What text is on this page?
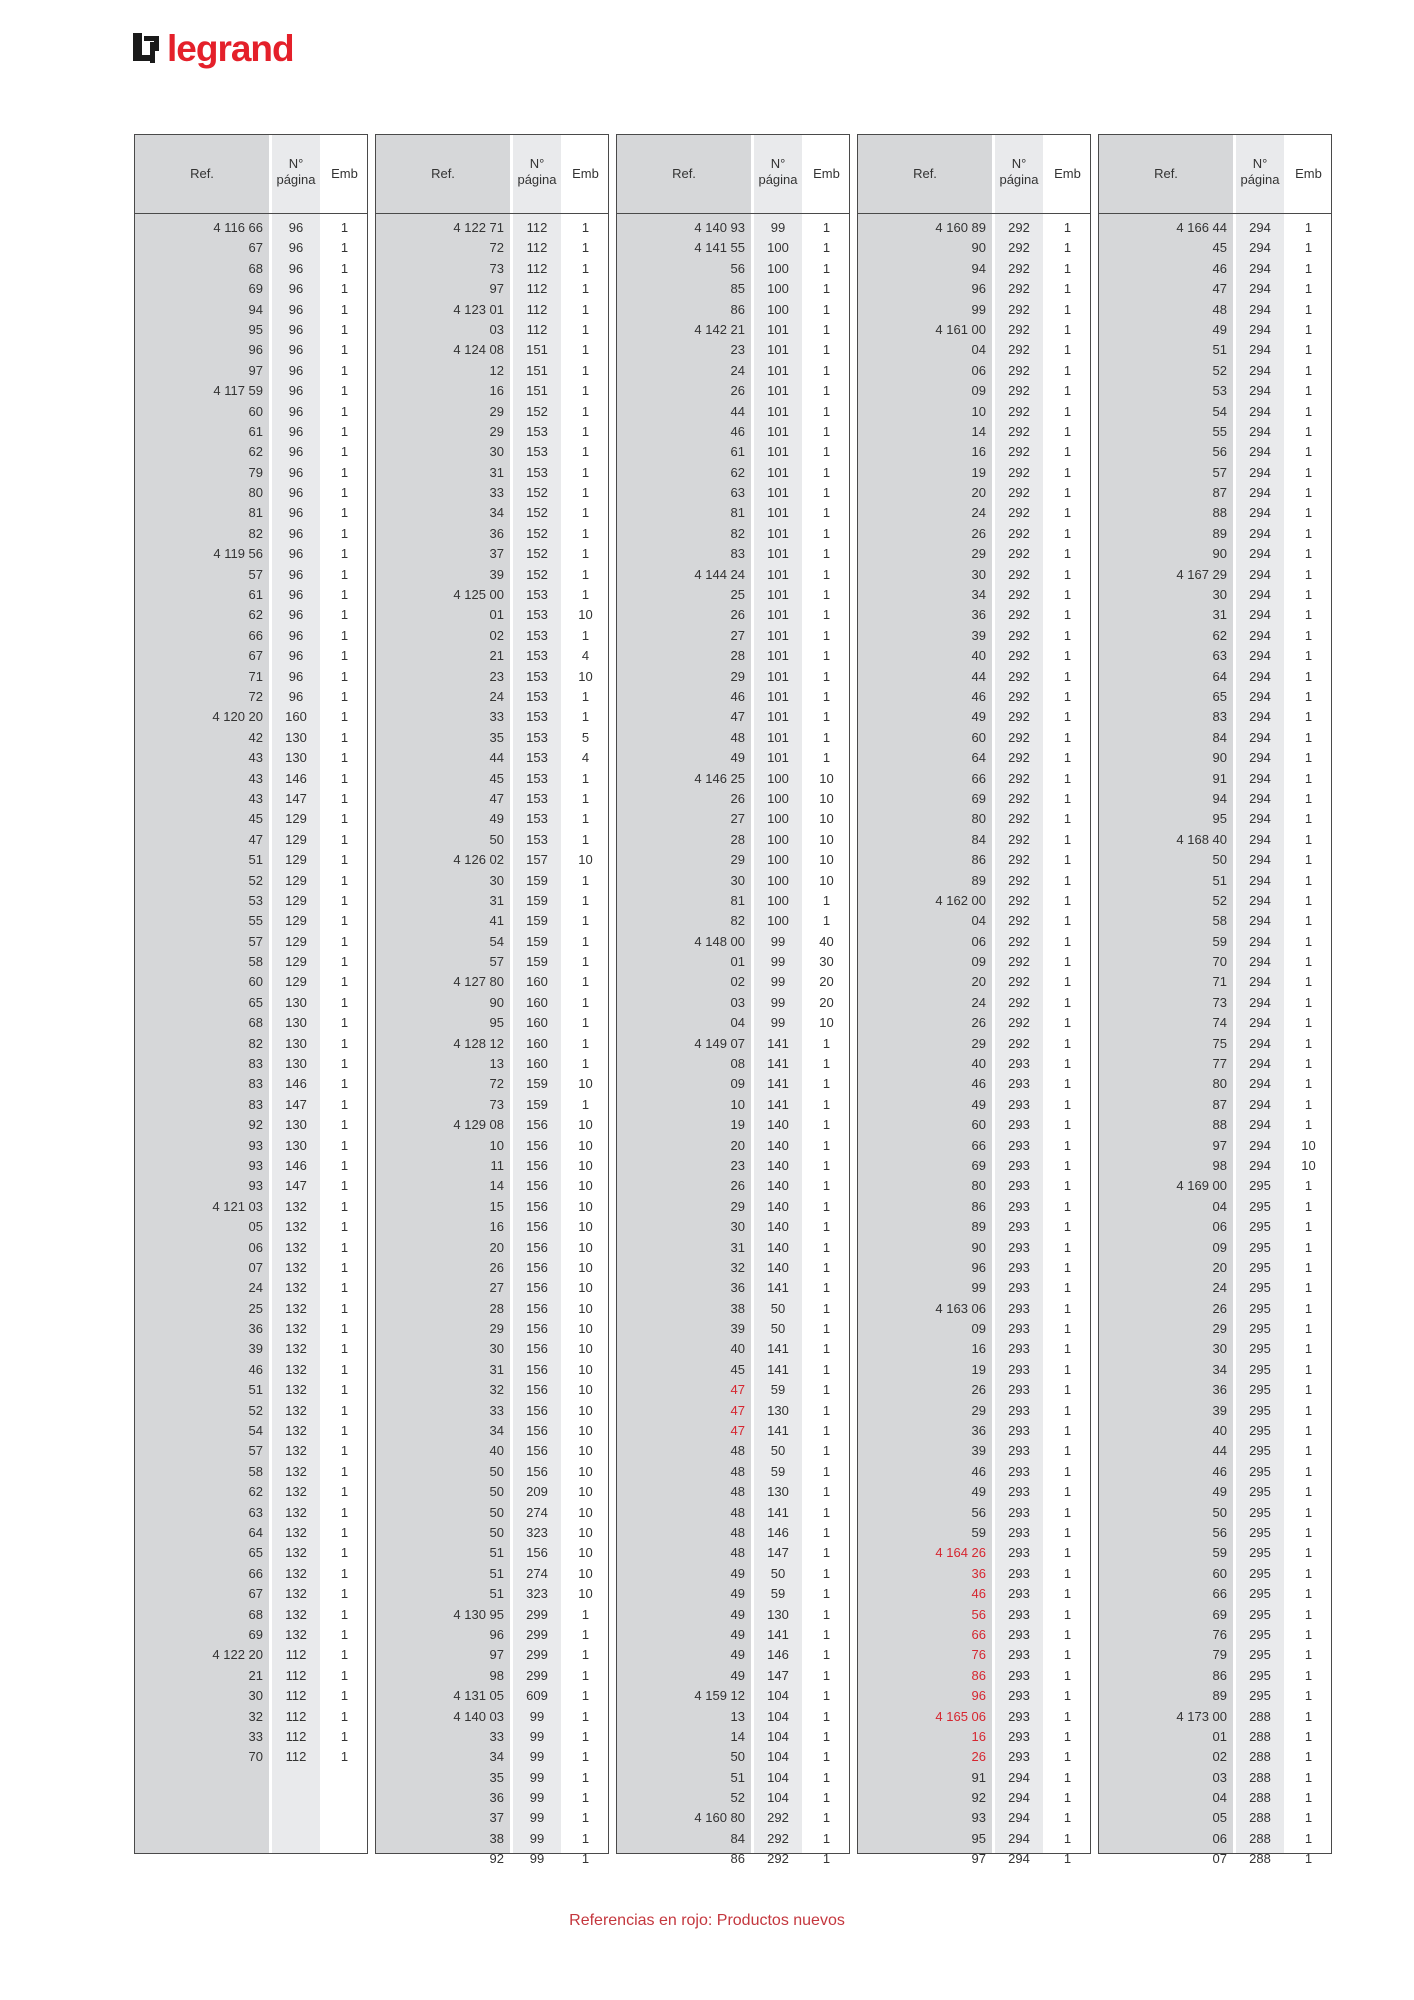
legrand
Ref.
N°
página	Emb
4 116 66	96	1
67	96	1
68	96	1
69	96	1
94	96	1
95	96	1
96	96	1
97	96	1
4 117 59	96	1
60	96	1
61	96	1
62	96	1
79	96	1
80	96	1
81	96	1
82	96	1
4 119 56	96	1
57	96	1
61	96	1
62	96	1
66	96	1
67	96	1
71	96	1
72	96	1
4 120 20	160	1
42	130	1
43	130	1
43	146	1
43	147	1
45	129	1
47	129	1
51	129	1
52	129	1
53	129	1
55	129	1
57	129	1
58	129	1
60	129	1
65	130	1
68	130	1
82	130	1
83	130	1
83	146	1
83	147	1
92	130	1
93	130	1
93	146	1
93	147	1
4 121 03	132	1
05	132	1
06	132	1
07	132	1
24	132	1
25	132	1
36	132	1
39	132	1
46	132	1
51	132	1
52	132	1
54	132	1
57	132	1
58	132	1
62	132	1
63	132	1
64	132	1
65	132	1
66	132	1
67	132	1
68	132	1
69	132	1
4 122 20	112	1
21	112	1
30	112	1
32	112	1
33	112	1
70	112	1
Ref.
N°
página	Emb
4 122 71	112	1
72	112	1
73	112	1
97	112	1
4 123 01	112	1
03	112	1
4 124 08	151	1
12	151	1
16	151	1
29	152	1
29	153	1
30	153	1
31	153	1
33	152	1
34	152	1
36	152	1
37	152	1
39	152	1
4 125 00	153	1
01	153	10
02	153	1
21	153	4
23	153	10
24	153	1
33	153	1
35	153	5
44	153	4
45	153	1
47	153	1
49	153	1
50	153	1
4 126 02	157	10
30	159	1
31	159	1
41	159	1
54	159	1
57	159	1
4 127 80	160	1
90	160	1
95	160	1
4 128 12	160	1
13	160	1
72	159	10
73	159	1
4 129 08	156	10
10	156	10
11	156	10
14	156	10
15	156	10
16	156	10
20	156	10
26	156	10
27	156	10
28	156	10
29	156	10
30	156	10
31	156	10
32	156	10
33	156	10
34	156	10
40	156	10
50	156	10
50	209	10
50	274	10
50	323	10
51	156	10
51	274	10
51	323	10
4 130 95	299	1
96	299	1
97	299	1
98	299	1
4 131 05	609	1
4 140 03	99	1
33	99	1
34	99	1
35	99	1
36	99	1
37	99	1
38	99	1
92	99	1
Ref.
N°
página	Emb
4 140 93	99	1
4 141 55	100	1
56	100	1
85	100	1
86	100	1
4 142 21	101	1
23	101	1
24	101	1
26	101	1
44	101	1
46	101	1
61	101	1
62	101	1
63	101	1
81	101	1
82	101	1
83	101	1
4 144 24	101	1
25	101	1
26	101	1
27	101	1
28	101	1
29	101	1
46	101	1
47	101	1
48	101	1
49	101	1
4 146 25	100	10
26	100	10
27	100	10
28	100	10
29	100	10
30	100	10
81	100	1
82	100	1
4 148 00	99	40
01	99	30
02	99	20
03	99	20
04	99	10
4 149 07	141	1
08	141	1
09	141	1
10	141	1
19	140	1
20	140	1
23	140	1
26	140	1
29	140	1
30	140	1
31	140	1
32	140	1
36	141	1
38	50	1
39	50	1
40	141	1
45	141	1
47	59	1
47	130	1
47	141	1
48	50	1
48	59	1
48	130	1
48	141	1
48	146	1
48	147	1
49	50	1
49	59	1
49	130	1
49	141	1
49	146	1
49	147	1
4 159 12	104	1
13	104	1
14	104	1
50	104	1
51	104	1
52	104	1
4 160 80	292	1
84	292	1
86	292	1
Ref.
N°
página	Emb
4 160 89	292	1
90	292	1
94	292	1
96	292	1
99	292	1
4 161 00	292	1
04	292	1
06	292	1
09	292	1
10	292	1
14	292	1
16	292	1
19	292	1
20	292	1
24	292	1
26	292	1
29	292	1
30	292	1
34	292	1
36	292	1
39	292	1
40	292	1
44	292	1
46	292	1
49	292	1
60	292	1
64	292	1
66	292	1
69	292	1
80	292	1
84	292	1
86	292	1
89	292	1
4 162 00	292	1
04	292	1
06	292	1
09	292	1
20	292	1
24	292	1
26	292	1
29	292	1
40	293	1
46	293	1
49	293	1
60	293	1
66	293	1
69	293	1
80	293	1
86	293	1
89	293	1
90	293	1
96	293	1
99	293	1
4 163 06	293	1
09	293	1
16	293	1
19	293	1
26	293	1
29	293	1
36	293	1
39	293	1
46	293	1
49	293	1
56	293	1
59	293	1
4 164 26	293	1
36	293	1
46	293	1
56	293	1
66	293	1
76	293	1
86	293	1
96	293	1
4 165 06	293	1
16	293	1
26	293	1
91	294	1
92	294	1
93	294	1
95	294	1
97	294	1
Ref.
N°
página	Emb
4 166 44	294	1
45	294	1
46	294	1
47	294	1
48	294	1
49	294	1
51	294	1
52	294	1
53	294	1
54	294	1
55	294	1
56	294	1
57	294	1
87	294	1
88	294	1
89	294	1
90	294	1
4 167 29	294	1
30	294	1
31	294	1
62	294	1
63	294	1
64	294	1
65	294	1
83	294	1
84	294	1
90	294	1
91	294	1
94	294	1
95	294	1
4 168 40	294	1
50	294	1
51	294	1
52	294	1
58	294	1
59	294	1
70	294	1
71	294	1
73	294	1
74	294	1
75	294	1
77	294	1
80	294	1
87	294	1
88	294	1
97	294	10
98	294	10
4 169 00	295	1
04	295	1
06	295	1
09	295	1
20	295	1
24	295	1
26	295	1
29	295	1
30	295	1
34	295	1
36	295	1
39	295	1
40	295	1
44	295	1
46	295	1
49	295	1
50	295	1
56	295	1
59	295	1
60	295	1
66	295	1
69	295	1
76	295	1
79	295	1
86	295	1
89	295	1
4 173 00	288	1
01	288	1
02	288	1
03	288	1
04	288	1
05	288	1
06	288	1
07	288	1
Referencias en rojo: Productos nuevos
